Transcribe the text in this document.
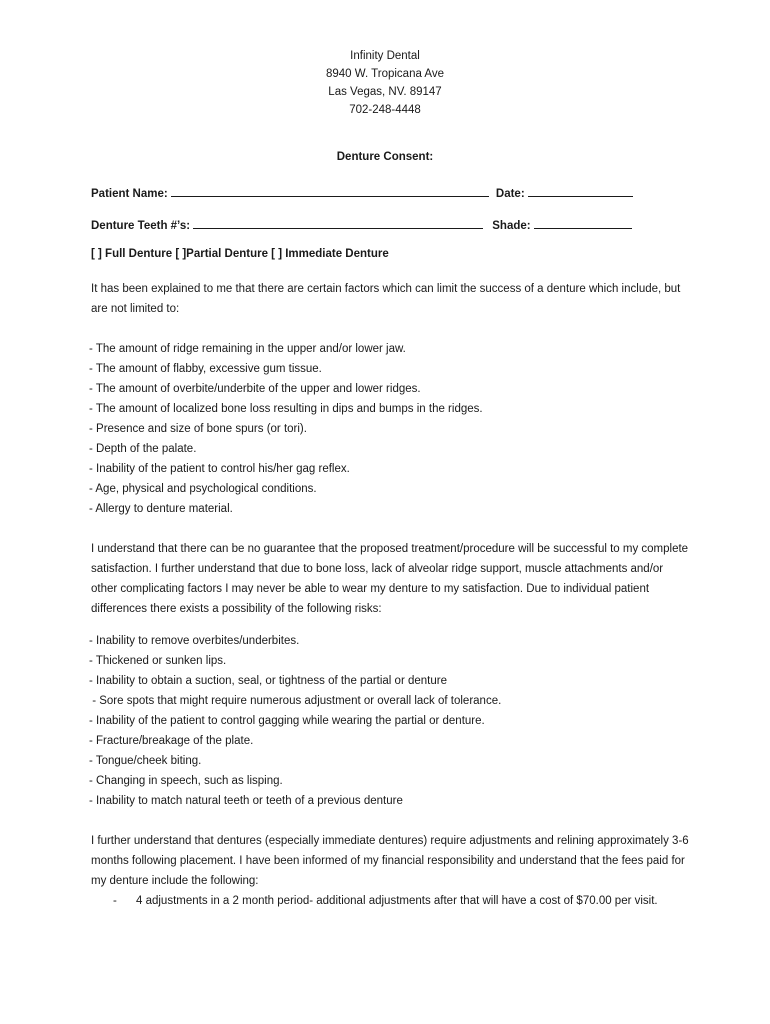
Infinity Dental
8940 W. Tropicana Ave
Las Vegas, NV. 89147
702-248-4448
Denture Consent:
Patient Name:	Date:
Denture Teeth #’s:	Shade:
[ ] Full Denture [ ]Partial Denture [ ] Immediate Denture
It has been explained to me that there are certain factors which can limit the success of a denture which include, but are not limited to:
- The amount of ridge remaining in the upper and/or lower jaw.
- The amount of flabby, excessive gum tissue.
- The amount of overbite/underbite of the upper and lower ridges.
- The amount of localized bone loss resulting in dips and bumps in the ridges.
- Presence and size of bone spurs (or tori).
- Depth of the palate.
- Inability of the patient to control his/her gag reflex.
- Age, physical and psychological conditions.
- Allergy to denture material.
I understand that there can be no guarantee that the proposed treatment/procedure will be successful to my complete satisfaction. I further understand that due to bone loss, lack of alveolar ridge support, muscle attachments and/or other complicating factors I may never be able to wear my denture to my satisfaction. Due to individual patient differences there exists a possibility of the following risks:
- Inability to remove overbites/underbites.
- Thickened or sunken lips.
- Inability to obtain a suction, seal, or tightness of the partial or denture
- Sore spots that might require numerous adjustment or overall lack of tolerance.
- Inability of the patient to control gagging while wearing the partial or denture.
- Fracture/breakage of the plate.
- Tongue/cheek biting.
- Changing in speech, such as lisping.
- Inability to match natural teeth or teeth of a previous denture
I further understand that dentures (especially immediate dentures) require adjustments and relining approximately 3-6 months following placement. I have been informed of my financial responsibility and understand that the fees paid for my denture include the following:
- 4 adjustments in a 2 month period- additional adjustments after that will have a cost of $70.00 per visit.
